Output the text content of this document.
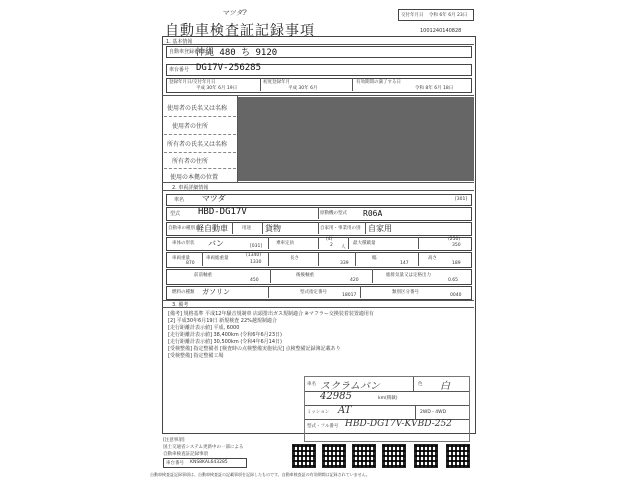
マツダ?
自動車検査証記録事項
交付年月日 令和 6年 6月 23日
1001240140828
1. 基本情報
自動車登録番号
沖縄 480 ち 9120
車台番号 DG17V-256285
登録年月日/交付年月日
平成 30年 6月 19日
初度登録年月
平成 30年 6月
有効期間の満了する日
令和 8年 6月 18日
使用者の氏名又は名称
使用者の住所
所有者の氏名又は名称
所有者の住所
使用の本拠の位置
2. 車両詳細情報
車名 マツダ	[301]
型式 HBD-DG17V	原動機の型式 R06A
自動車の種別 軽自動車	用途 貨物	自家用・事業用の別 自家用
車体の形状 バン	[031]
乗車定員
(4)
2 人
最大積載量
(250)
350
車両重量
870
車両総重量
(1340)
1330
長さ
339
幅
147
高さ
189
前前軸重
450
後後軸重
420
総排気量又は定格出力
0.65
燃料の種類 ガソリン	型式指定番号
18017
類別区分番号
0040
3. 備考
[備考] 規格基準 平成12年騒音規制車 店頭排出ガス規制適合 ※マフラー交換装着装置適用有
[2] 平成30年6月19日 新規検査 22%越規制適合
[走行距離計表示値] 平成, 6000
[走行距離計表示値] 38,400km (令和6年6月23日)
[走行距離計表示値] 30,500km (令和4年6月14日)
[受検整備] 指定整備者 [検査時の点検整備実施状況] 点検整備記録簿記載あり
[受検整備] 指定整備工場
車名 スクラムバン	色 白
42985	km(積載)
ミッション AT	2WD・4WD
型式・フル番号 HBD-DG17V-KVBD-252
[注意事項]
国土交通省システム更新中の一部による
自動車検査証記録事項
車台番号 KNS8KAL643285
自動車検査証記録事項は、自動車検査証の記載事項を記録したものです。自動車検査証の有効期間は記録されていません。
